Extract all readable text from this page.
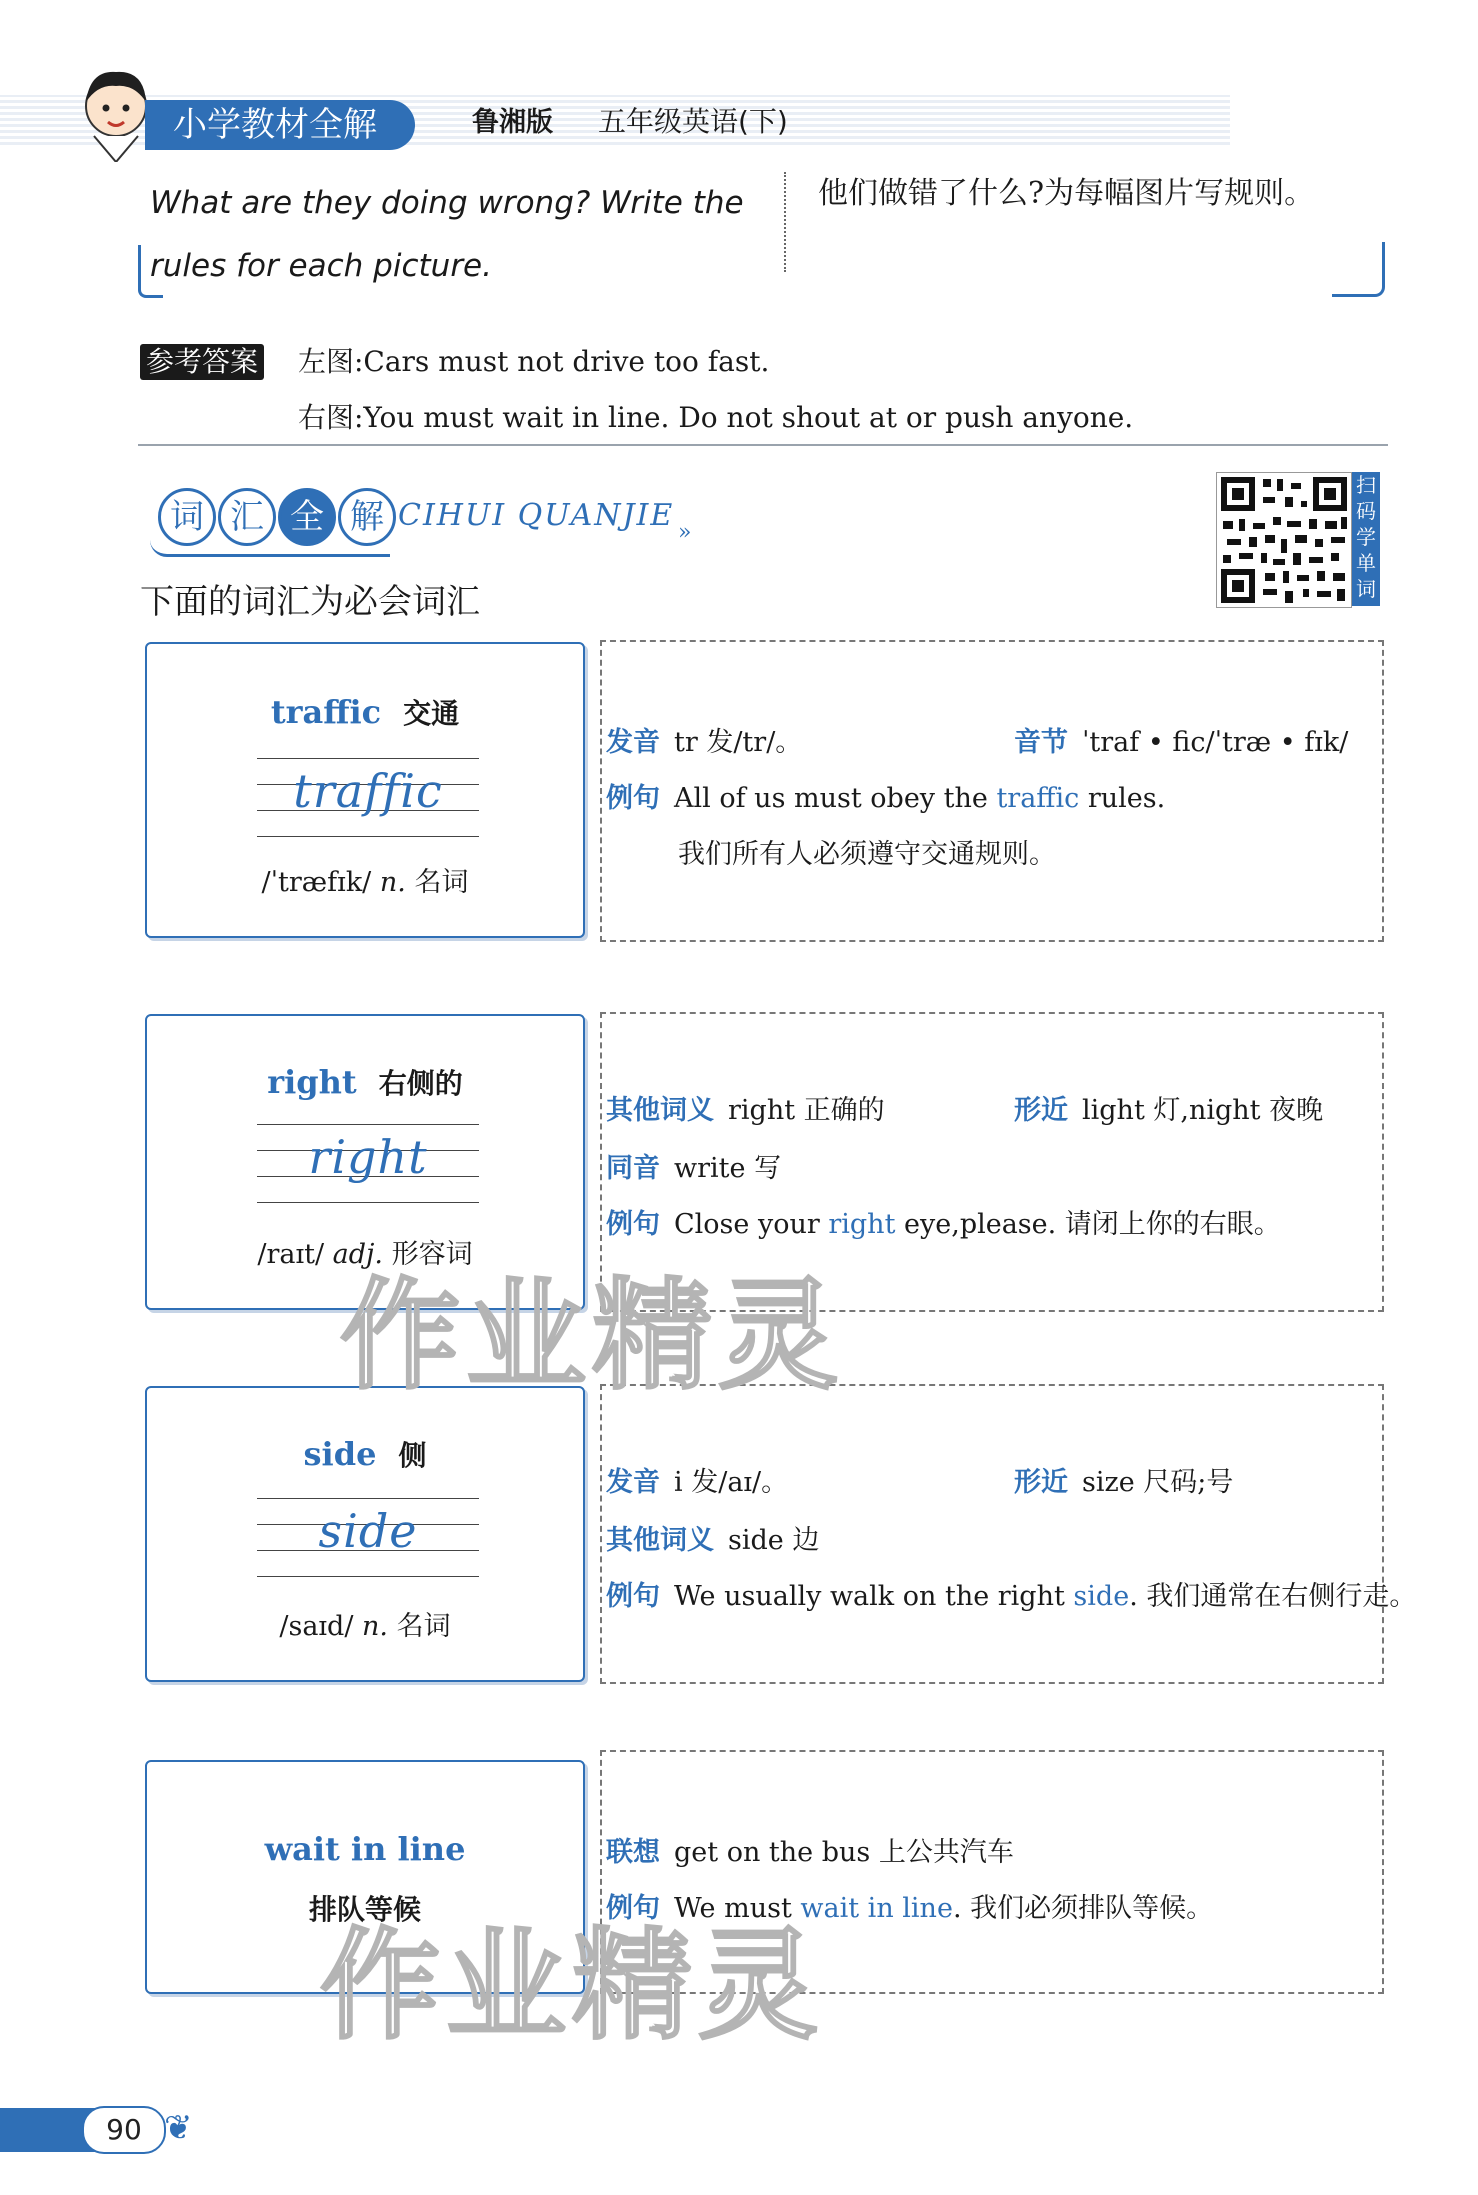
小学教材全解	鲁湘版 五年级英语(下)
What are they doing wrong? Write the rules for each picture.
他们做错了什么?为每幅图片写规则。
参考答案 左图:Cars must not drive too fast.
右图:You must wait in line. Do not shout at or push anyone.
词 汇 全 解 CIHUI QUANJIE »
下面的词汇为必会词汇
扫码学单词
traffic 交通
traffic
/ˈtræfɪk/ n. 名词
发音 tr 发/tr/。	音节 ˈtraf • fic/ˈtræ • fɪk/
例句 All of us must obey the traffic rules.
我们所有人必须遵守交通规则。
right 右侧的
right
/raɪt/ adj. 形容词
其他词义 right 正确的	形近 light 灯,night 夜晚
同音 write 写
例句 Close your right eye,please. 请闭上你的右眼。
side 侧
side
/saɪd/ n. 名词
发音 i 发/aɪ/。	形近 size 尺码;号
其他词义 side 边
例句 We usually walk on the right side. 我们通常在右侧行走。
wait in line
排队等候
联想 get on the bus 上公共汽车
例句 We must wait in line. 我们必须排队等候。
作业精灵
作业精灵
90 ❦
